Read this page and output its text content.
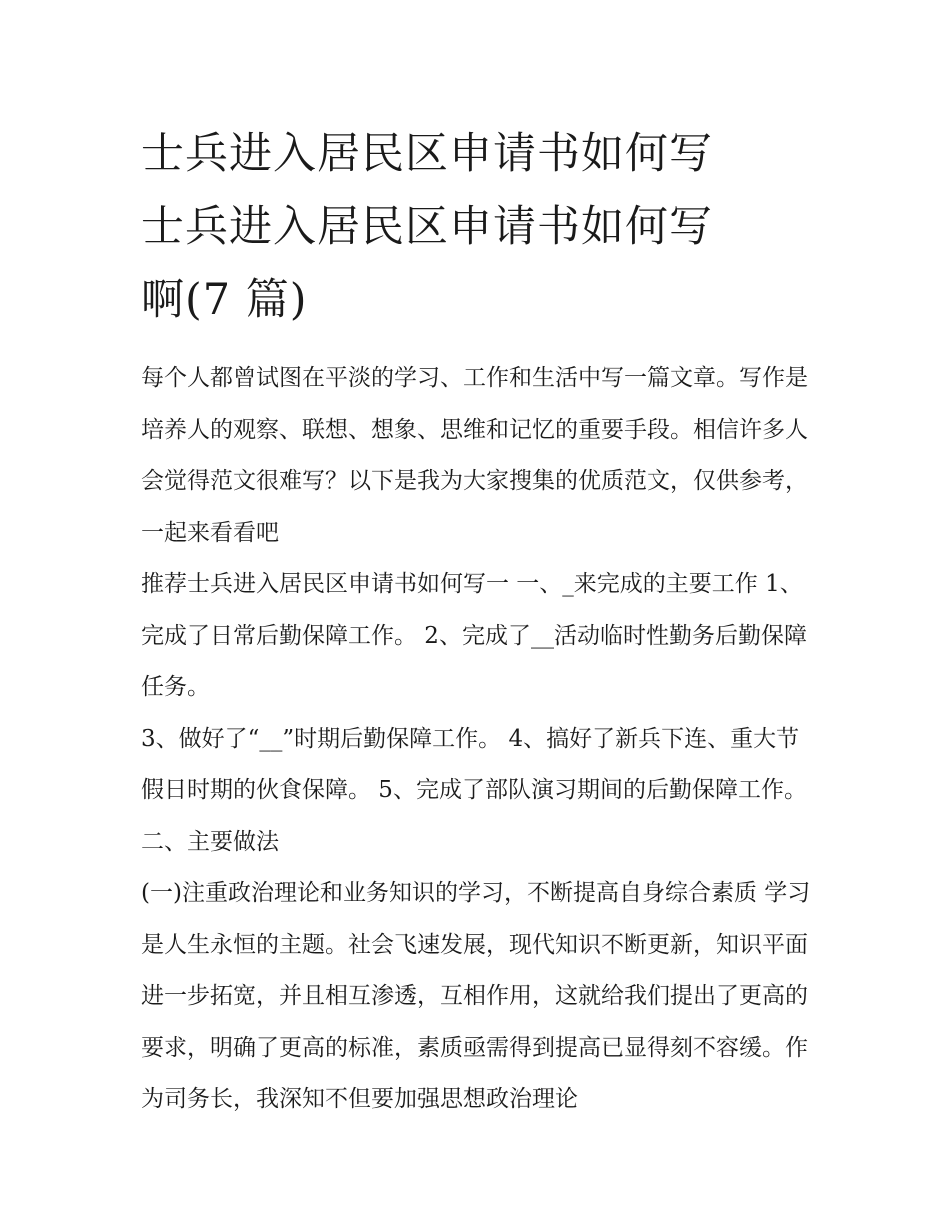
士兵进入居民区申请书如何写
士兵进入居民区申请书如何写
啊(7 篇)

每个人都曾试图在平淡的学习、工作和生活中写一篇文章。写作是培养人的观察、联想、想象、思维和记忆的重要手段。相信许多人会觉得范文很难写？以下是我为大家搜集的优质范文，仅供参考，一起来看看吧

推荐士兵进入居民区申请书如何写一 一、_来完成的主要工作 1、完成了日常后勤保障工作。 2、完成了__活动临时性勤务后勤保障任务。

3、做好了“__”时期后勤保障工作。 4、搞好了新兵下连、重大节假日时期的伙食保障。 5、完成了部队演习期间的后勤保障工作。 二、主要做法

(一)注重政治理论和业务知识的学习，不断提高自身综合素质 学习是人生永恒的主题。社会飞速发展，现代知识不断更新，知识平面进一步拓宽，并且相互渗透，互相作用，这就给我们提出了更高的要求，明确了更高的标准，素质亟需得到提高已显得刻不容缓。作为司务长，我深知不但要加强思想政治理论
